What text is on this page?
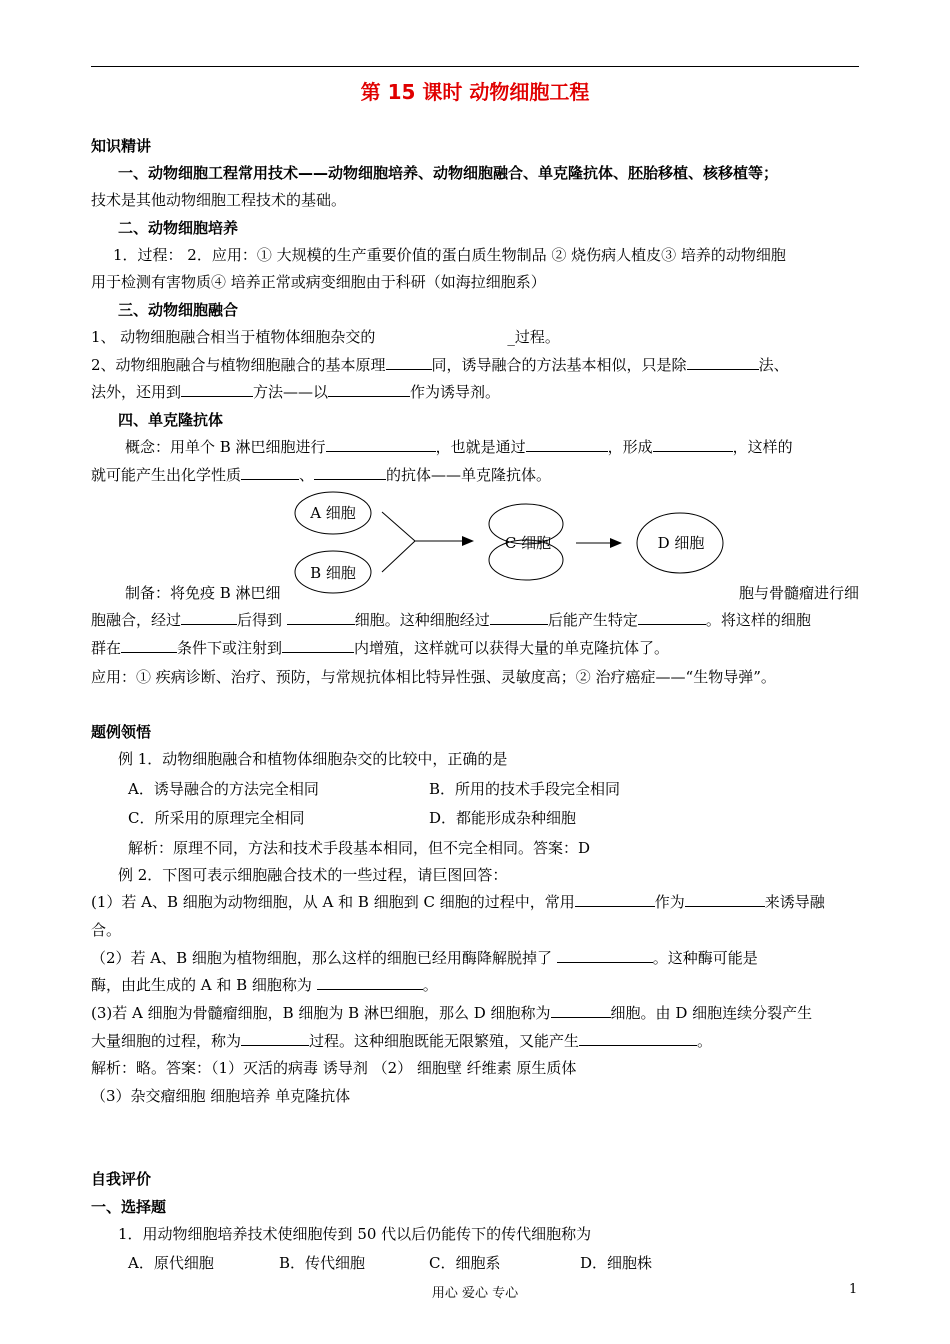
第 15 课时 动物细胞工程
知识精讲
一、动物细胞工程常用技术——动物细胞培养、动物细胞融合、单克隆抗体、胚胎移植、核移植等；
技术是其他动物细胞工程技术的基础。
二、动物细胞培养
1．过程： 2．应用：① 大规模的生产重要价值的蛋白质生物制品 ② 烧伤病人植皮③ 培养的动物细胞
用于检测有害物质④ 培养正常或病变细胞由于科研（如海拉细胞系）
三、动物细胞融合
1、 动物细胞融合相当于植物体细胞杂交的	_过程。
2、动物细胞融合与植物细胞融合的基本原理	同，诱导融合的方法基本相似，只是除	法、
法外，还用到	方法——以	作为诱导剂。
四、单克隆抗体
概念：用单个 B 淋巴细胞进行	，也就是通过	，形成	，这样的
就可能产生出化学性质	、	的抗体——单克隆抗体。
A 细胞
B 细胞
C 细胞	D 细胞
制备：将免疫 B 淋巴细	胞与骨髓瘤进行细
胞融合，经过	后得到	细胞。这种细胞经过	后能产生特定	。将这样的细胞
群在	条件下或注射到	内增殖，这样就可以获得大量的单克隆抗体了。
应用：① 疾病诊断、治疗、预防，与常规抗体相比特异性强、灵敏度高；② 治疗癌症——“生物导弹”。
题例领悟
例 1．动物细胞融合和植物体细胞杂交的比较中，正确的是
A．诱导融合的方法完全相同	B．所用的技术手段完全相同
C．所采用的原理完全相同	D．都能形成杂种细胞
解析：原理不同，方法和技术手段基本相同，但不完全相同。答案：D
例 2．下图可表示细胞融合技术的一些过程，请巨图回答：
(1）若 A、B 细胞为动物细胞，从 A 和 B 细胞到 C 细胞的过程中，常用	作为	来诱导融
合。
（2）若 A、B 细胞为植物细胞，那么这样的细胞已经用酶降解脱掉了	。这种酶可能是
酶，由此生成的 A 和 B 细胞称为	。
(3)若 A 细胞为骨髓瘤细胞，B 细胞为 B 淋巴细胞，那么 D 细胞称为	细胞。由 D 细胞连续分裂产生
大量细胞的过程，称为	过程。这种细胞既能无限繁殖，又能产生	。
解析：略。答案：（1）灭活的病毒 诱导剂 （2） 细胞壁 纤维素 原生质体
（3）杂交瘤细胞 细胞培养 单克隆抗体
自我评价
一、选择题
1．用动物细胞培养技术使细胞传到 50 代以后仍能传下的传代细胞称为
A．原代细胞	B．传代细胞	C．细胞系	D．细胞株
用心 爱心 专心	1
